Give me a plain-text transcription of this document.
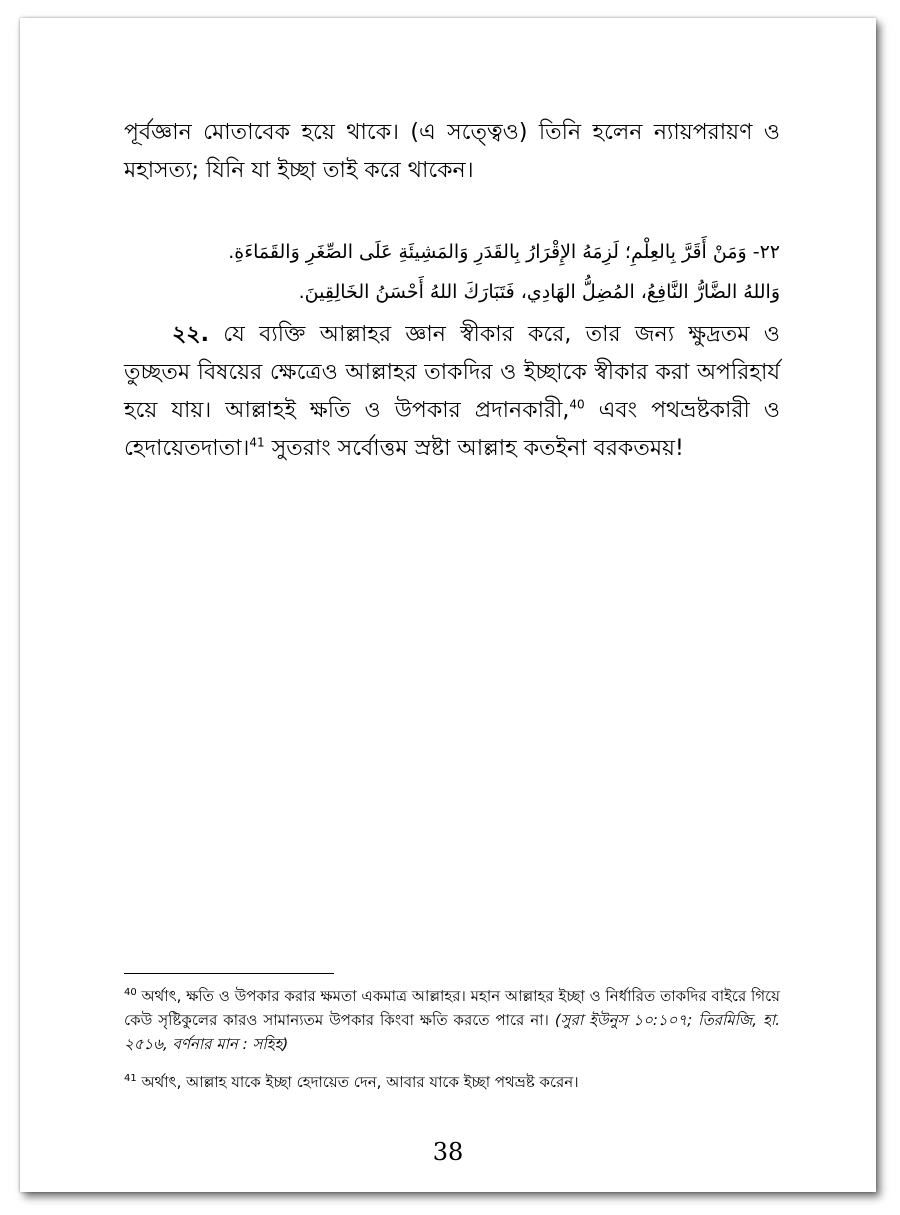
পূর্বজ্ঞান মোতাবেক হয়ে থাকে। (এ সত্ত্বেও) তিনি হলেন ন্যায়পরায়ণ ও মহাসত্য; যিনি যা ইচ্ছা তাই করে থাকেন।

٢٢- وَمَنْ أَقَرَّ بِالعِلْمِ؛ لَزِمَهُ الإِقْرَارُ بِالقَدَرِ وَالمَشِيئَةِ عَلَى الصِّغَرِ وَالقَمَاءَةِ.

وَاللهُ الضَّارُّ النَّافِعُ، المُضِلُّ الهَادِي، فَتَبَارَكَ اللهُ أَحْسَنُ الخَالِقِينَ.

২২. যে ব্যক্তি আল্লাহর জ্ঞান স্বীকার করে, তার জন্য ক্ষুদ্রতম ও তুচ্ছতম বিষয়ের ক্ষেত্রেও আল্লাহর তাকদির ও ইচ্ছাকে স্বীকার করা অপরিহার্য হয়ে যায়। আল্লাহই ক্ষতি ও উপকার প্রদানকারী,$^{40}$ এবং পথভ্রষ্টকারী ও হেদায়েতদাতা।$^{41}$ সুতরাং সর্বোত্তম স্রষ্টা আল্লাহ কতইনা বরকতময়!

$^{40}$ অর্থাৎ, ক্ষতি ও উপকার করার ক্ষমতা একমাত্র আল্লাহর। মহান আল্লাহর ইচ্ছা ও নির্ধারিত তাকদির বাইরে গিয়ে কেউ সৃষ্টিকুলের কারও সামান্যতম উপকার কিংবা ক্ষতি করতে পারে না। (সুরা ইউনুস ১০:১০৭; তিরমিজি, হা. ২৫১৬, বর্ণনার মান : সহিহ)

$^{41}$ অর্থাৎ, আল্লাহ যাকে ইচ্ছা হেদায়েত দেন, আবার যাকে ইচ্ছা পথভ্রষ্ট করেন।

38
